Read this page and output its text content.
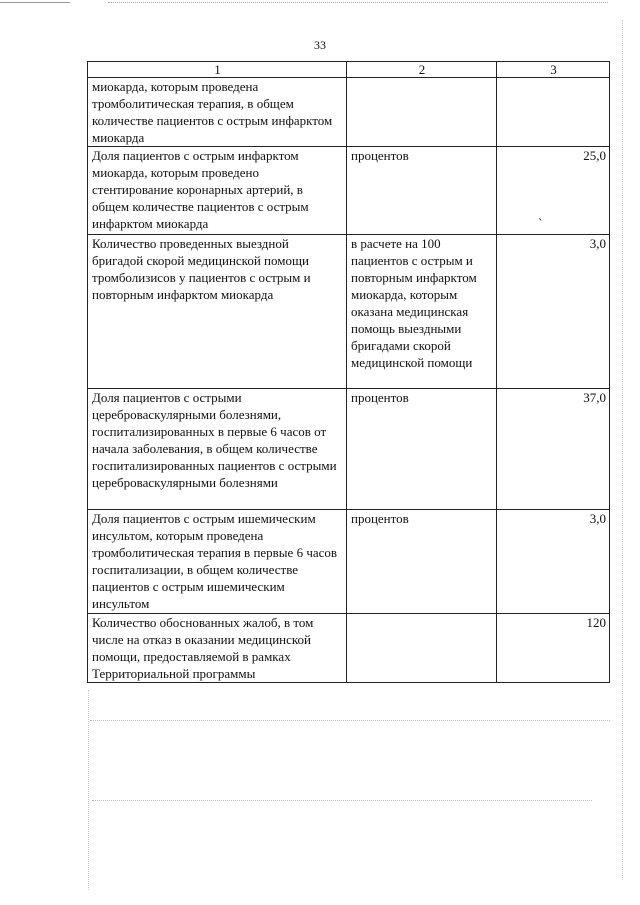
ˎ
33
1	2	3
миокарда, которым проведена тромболитическая терапия, в общем количестве пациентов с острым инфарктом миокарда		
Доля пациентов с острым инфарктом миокарда, которым проведено стентирование коронарных артерий, в общем количестве пациентов с острым инфарктом миокарда	процентов	25,0
Количество проведенных выездной бригадой скорой медицинской помощи тромболизисов у пациентов с острым и повторным инфарктом миокарда	в расчете на 100 пациентов с острым и повторным инфарктом миокарда, которым оказана медицинская помощь выездными бригадами скорой медицинской помощи	3,0
Доля пациентов с острыми цереброваскулярными болезнями, госпитализированных в первые 6 часов от начала заболевания, в общем количестве госпитализированных пациентов с острыми цереброваскулярными болезнями	процентов	37,0
Доля пациентов с острым ишемическим инсультом, которым проведена тромболитическая терапия в первые 6 часов госпитализации, в общем количестве пациентов с острым ишемическим инсультом	процентов	3,0
Количество обоснованных жалоб, в том числе на отказ в оказании медицинской помощи, предоставляемой в рамках Территориальной программы		120
